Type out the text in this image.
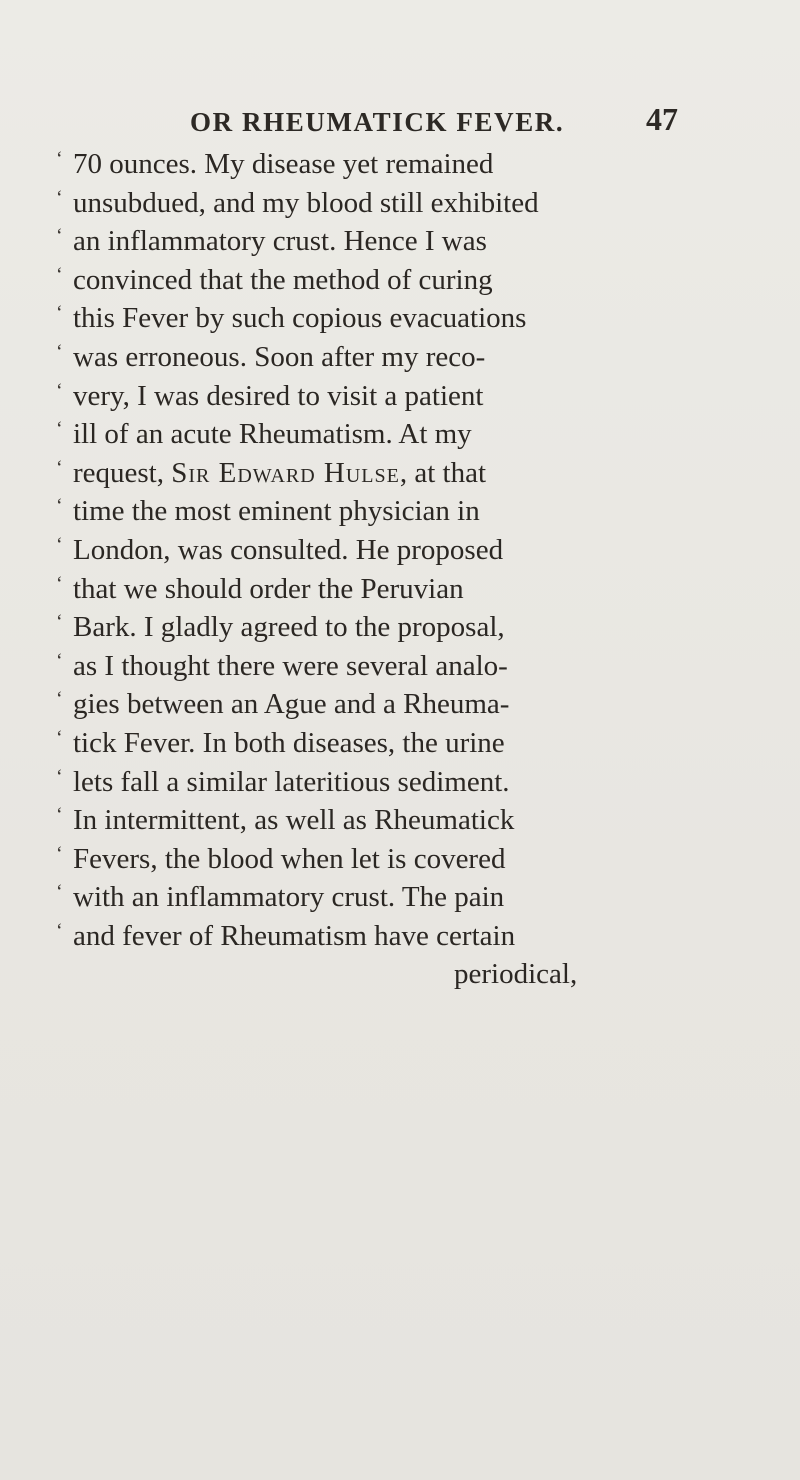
OR RHEUMATICK FEVER.	47
‘ 70 ounces. My disease yet remained
‘ unsubdued, and my blood still exhibited
‘ an inflammatory crust. Hence I was
‘ convinced that the method of curing
‘ this Fever by such copious evacuations
‘ was erroneous. Soon after my reco-
‘ very, I was desired to visit a patient
‘ ill of an acute Rheumatism. At my
‘ request, Sir Edward Hulse, at that
‘ time the most eminent physician in
‘ London, was consulted. He proposed
‘ that we should order the Peruvian
‘ Bark. I gladly agreed to the proposal,
‘ as I thought there were several analo-
‘ gies between an Ague and a Rheuma-
‘ tick Fever. In both diseases, the urine
‘ lets fall a similar lateritious sediment.
‘ In intermittent, as well as Rheumatick
‘ Fevers, the blood when let is covered
‘ with an inflammatory crust. The pain
‘ and fever of Rheumatism have certain
periodical,
